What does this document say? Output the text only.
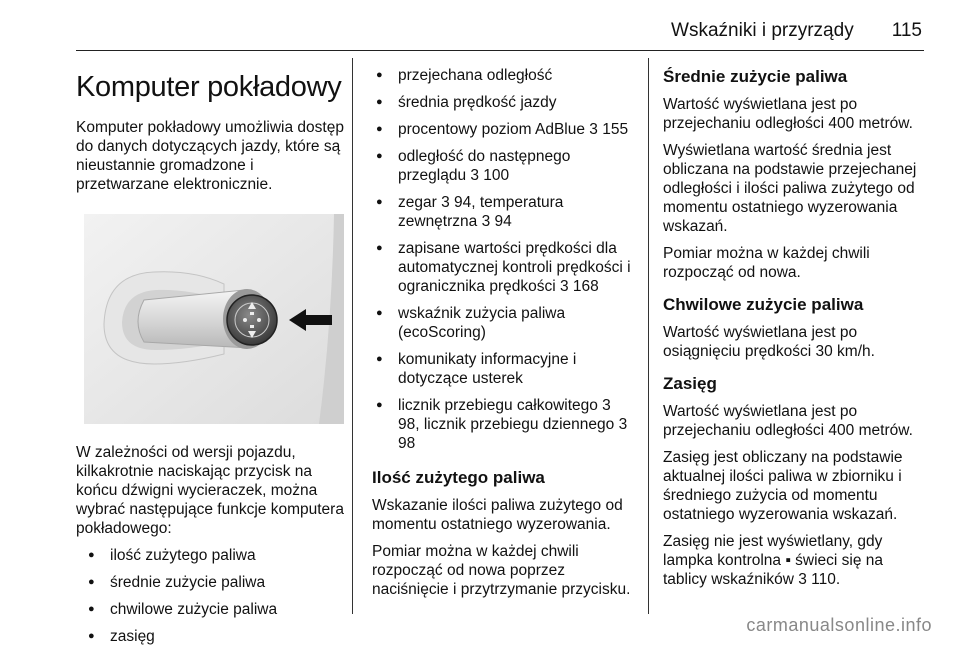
Wskaźniki i przyrządy 115
Komputer pokładowy

Komputer pokładowy umożliwia dostęp do danych dotyczących jazdy, które są nieustannie gromadzone i przetwarzane elektronicznie.

W zależności od wersji pojazdu, kilkakrotnie naciskając przycisk na końcu dźwigni wycieraczek, można wybrać następujące funkcje komputera pokładowego:

● ilość zużytego paliwa
● średnie zużycie paliwa
● chwilowe zużycie paliwa
● zasięg
● przejechana odległość
● średnia prędkość jazdy
● procentowy poziom AdBlue 3 155
● odległość do następnego przeglądu 3 100
● zegar 3 94, temperatura zewnętrzna 3 94
● zapisane wartości prędkości dla automatycznej kontroli prędkości i ogranicznika prędkości 3 168
● wskaźnik zużycia paliwa (ecoScoring)
● komunikaty informacyjne i dotyczące usterek
● licznik przebiegu całkowitego 3 98, licznik przebiegu dziennego 3 98
Ilość zużytego paliwa

Wskazanie ilości paliwa zużytego od momentu ostatniego wyzerowania.

Pomiar można w każdej chwili rozpocząć od nowa poprzez naciśnięcie i przytrzymanie przycisku.

Średnie zużycie paliwa

Wartość wyświetlana jest po przejechaniu odległości 400 metrów.

Wyświetlana wartość średnia jest obliczana na podstawie przejechanej odległości i ilości paliwa zużytego od momentu ostatniego wyzerowania wskazań.

Pomiar można w każdej chwili rozpocząć od nowa.

Chwilowe zużycie paliwa

Wartość wyświetlana jest po osiągnięciu prędkości 30 km/h.

Zasięg

Wartość wyświetlana jest po przejechaniu odległości 400 metrów.

Zasięg jest obliczany na podstawie aktualnej ilości paliwa w zbiorniku i średniego zużycia od momentu ostatniego wyzerowania wskazań.

Zasięg nie jest wyświetlany, gdy lampka kontrolna ▪ świeci się na tablicy wskaźników 3 110.

carmanualsonline.info
